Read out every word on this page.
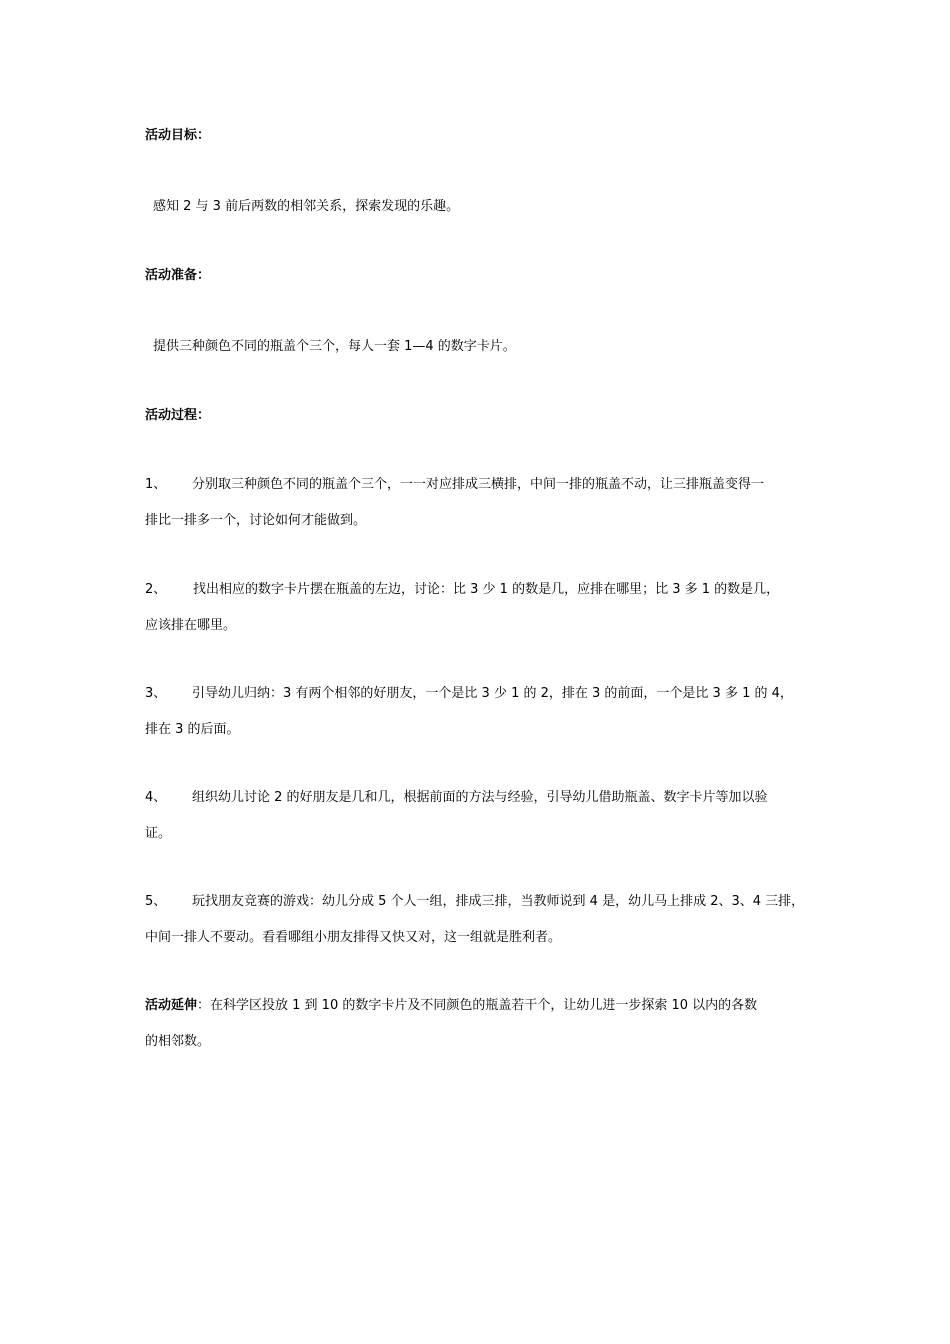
活动目标：
感知 2 与 3 前后两数的相邻关系，探索发现的乐趣。
活动准备：
提供三种颜色不同的瓶盖个三个，每人一套 1—4 的数字卡片。
活动过程：
1、 分别取三种颜色不同的瓶盖个三个，一一对应排成三横排，中间一排的瓶盖不动，让三排瓶盖变得一
排比一排多一个，讨论如何才能做到。
2、 找出相应的数字卡片摆在瓶盖的左边，讨论：比 3 少 1 的数是几，应排在哪里；比 3 多 1 的数是几，
应该排在哪里。
3、 引导幼儿归纳：3 有两个相邻的好朋友，一个是比 3 少 1 的 2，排在 3 的前面，一个是比 3 多 1 的 4，
排在 3 的后面。
4、 组织幼儿讨论 2 的好朋友是几和几，根据前面的方法与经验，引导幼儿借助瓶盖、数字卡片等加以验
证。
5、 玩找朋友竞赛的游戏：幼儿分成 5 个人一组，排成三排，当教师说到 4 是，幼儿马上排成 2、3、4 三排，
中间一排人不要动。看看哪组小朋友排得又快又对，这一组就是胜利者。
活动延伸：在科学区投放 1 到 10 的数字卡片及不同颜色的瓶盖若干个，让幼儿进一步探索 10 以内的各数
的相邻数。
